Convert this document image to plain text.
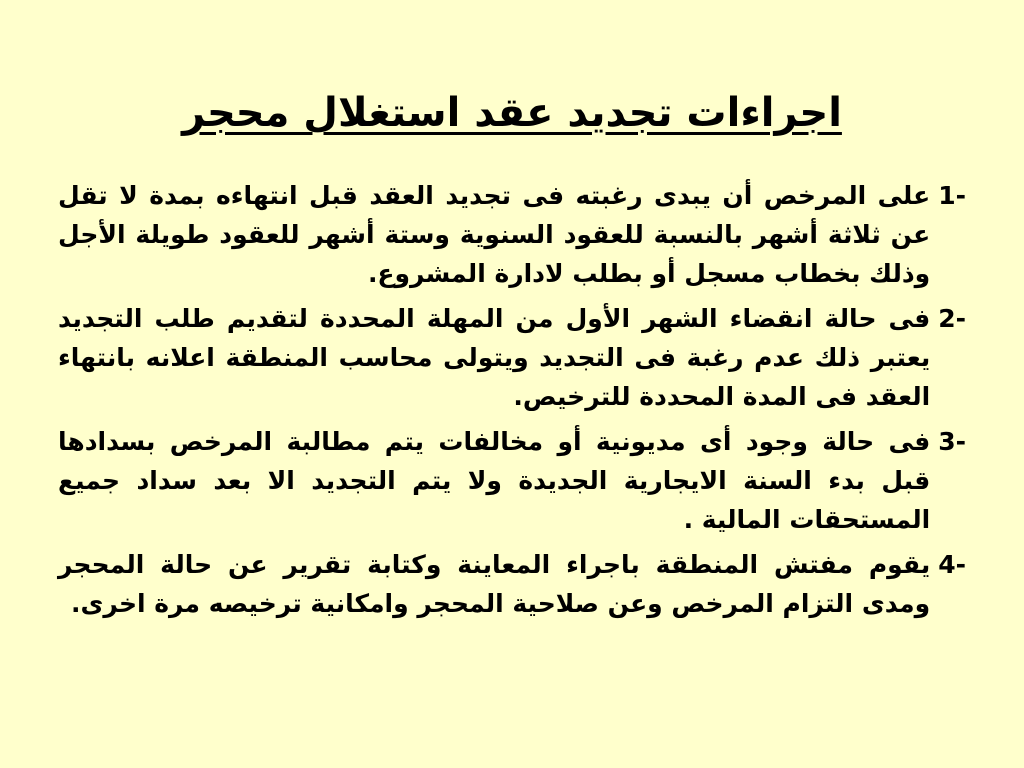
اجراءات تجديد عقد استغلال محجر
1-
على المرخص أن يبدى رغبته فى تجديد العقد قبل انتهاءه بمدة لا تقل عن ثلاثة أشهر بالنسبة للعقود السنوية وستة أشهر للعقود طويلة الأجل وذلك بخطاب مسجل أو بطلب لادارة المشروع.
2-
فى حالة انقضاء الشهر الأول من المهلة المحددة لتقديم طلب التجديد يعتبر ذلك عدم رغبة فى التجديد ويتولى محاسب المنطقة اعلانه بانتهاء العقد فى المدة المحددة للترخيص.
3-
فى حالة وجود أى مديونية أو مخالفات يتم مطالبة المرخص بسدادها قبل بدء السنة الايجارية الجديدة ولا يتم التجديد الا بعد سداد جميع المستحقات المالية .
4-
يقوم مفتش المنطقة باجراء المعاينة وكتابة تقرير عن حالة المحجر ومدى التزام المرخص وعن صلاحية المحجر وامكانية ترخيصه مرة اخرى.
